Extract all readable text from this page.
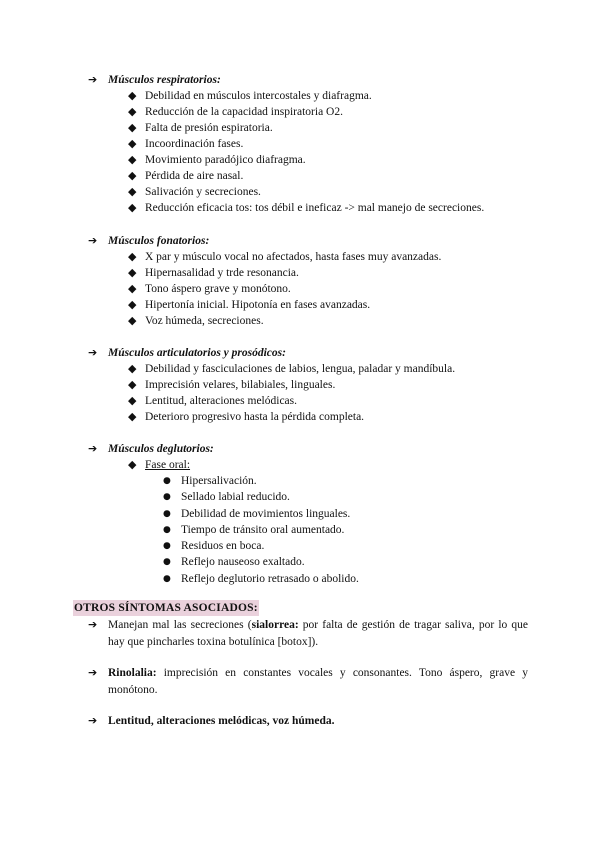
➔ Músculos respiratorios:
◆ Debilidad en músculos intercostales y diafragma.
◆ Reducción de la capacidad inspiratoria O2.
◆ Falta de presión espiratoria.
◆ Incoordinación fases.
◆ Movimiento paradójico diafragma.
◆ Pérdida de aire nasal.
◆ Salivación y secreciones.
◆ Reducción eficacia tos: tos débil e ineficaz -> mal manejo de secreciones.
➔ Músculos fonatorios:
◆ X par y músculo vocal no afectados, hasta fases muy avanzadas.
◆ Hipernasalidad y trde resonancia.
◆ Tono áspero grave y monótono.
◆ Hipertonía inicial. Hipotonía en fases avanzadas.
◆ Voz húmeda, secreciones.
➔ Músculos articulatorios y prosódicos:
◆ Debilidad y fasciculaciones de labios, lengua, paladar y mandíbula.
◆ Imprecisión velares, bilabiales, linguales.
◆ Lentitud, alteraciones melódicas.
◆ Deterioro progresivo hasta la pérdida completa.
➔ Músculos deglutorios:
◆ Fase oral:
● Hipersalivación.
● Sellado labial reducido.
● Debilidad de movimientos linguales.
● Tiempo de tránsito oral aumentado.
● Residuos en boca.
● Reflejo nauseoso exaltado.
● Reflejo deglutorio retrasado o abolido.
OTROS SÍNTOMAS ASOCIADOS:
➔ Manejan mal las secreciones (sialorrea: por falta de gestión de tragar saliva, por lo que hay que pincharles toxina botulínica [botox]).
➔ Rinolalia: imprecisión en constantes vocales y consonantes. Tono áspero, grave y monótono.
➔ Lentitud, alteraciones melódicas, voz húmeda.
